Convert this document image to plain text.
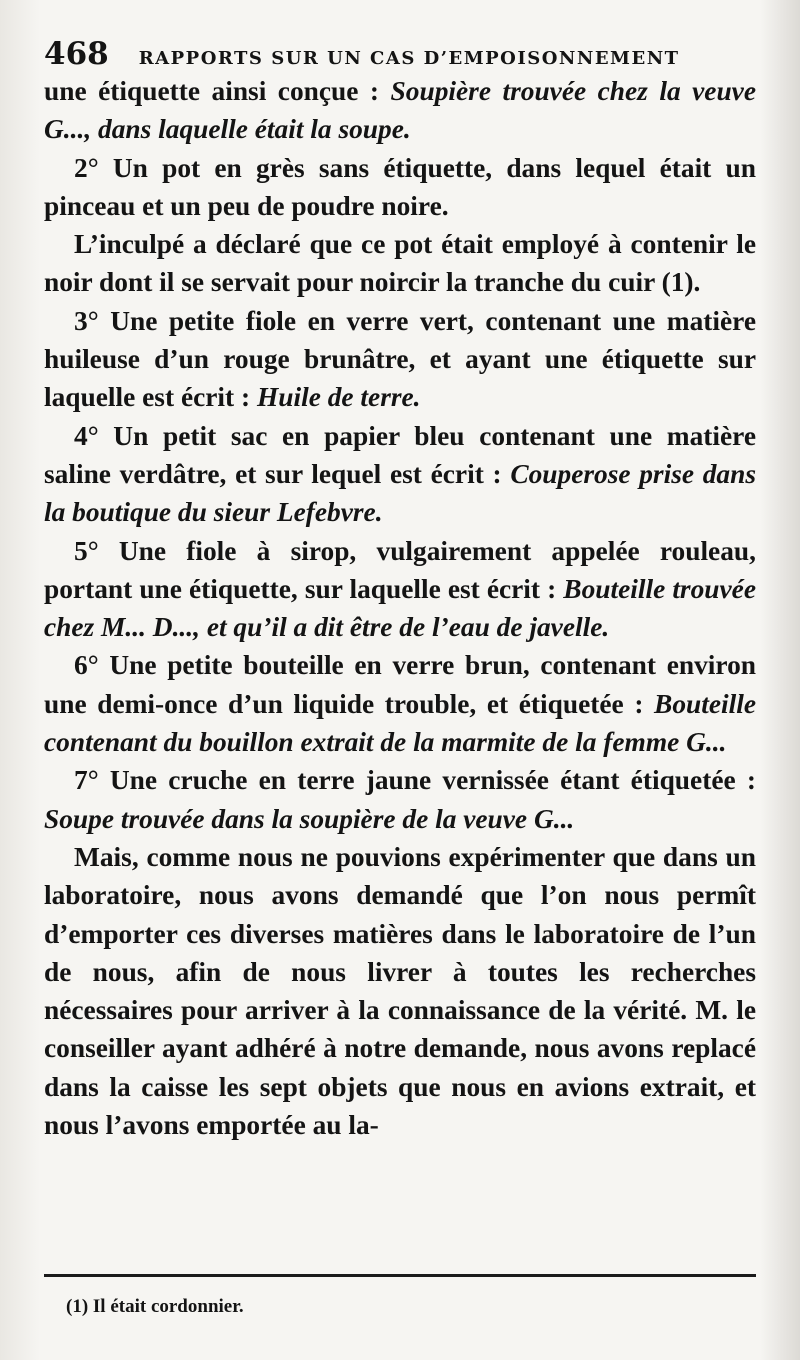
468 RAPPORTS SUR UN CAS D’EMPOISONNEMENT

une étiquette ainsi conçue : Soupière trouvée chez la veuve G..., dans laquelle était la soupe.

2° Un pot en grès sans étiquette, dans lequel était un pinceau et un peu de poudre noire.

L’inculpé a déclaré que ce pot était employé à contenir le noir dont il se servait pour noircir la tranche du cuir (1).

3° Une petite fiole en verre vert, contenant une matière huileuse d’un rouge brunâtre, et ayant une étiquette sur laquelle est écrit : Huile de terre.

4° Un petit sac en papier bleu contenant une matière saline verdâtre, et sur lequel est écrit : Couperose prise dans la boutique du sieur Lefebvre.

5° Une fiole à sirop, vulgairement appelée rouleau, portant une étiquette, sur laquelle est écrit : Bouteille trouvée chez M... D..., et qu’il a dit être de l’eau de javelle.

6° Une petite bouteille en verre brun, contenant environ une demi-once d’un liquide trouble, et étiquetée : Bouteille contenant du bouillon extrait de la marmite de la femme G...

7° Une cruche en terre jaune vernissée étant étiquetée : Soupe trouvée dans la soupière de la veuve G...

Mais, comme nous ne pouvions expérimenter que dans un laboratoire, nous avons demandé que l’on nous permît d’emporter ces diverses matières dans le laboratoire de l’un de nous, afin de nous livrer à toutes les recherches nécessaires pour arriver à la connaissance de la vérité. M. le conseiller ayant adhéré à notre demande, nous avons replacé dans la caisse les sept objets que nous en avions extrait, et nous l’avons emportée au la-

(1) Il était cordonnier.
